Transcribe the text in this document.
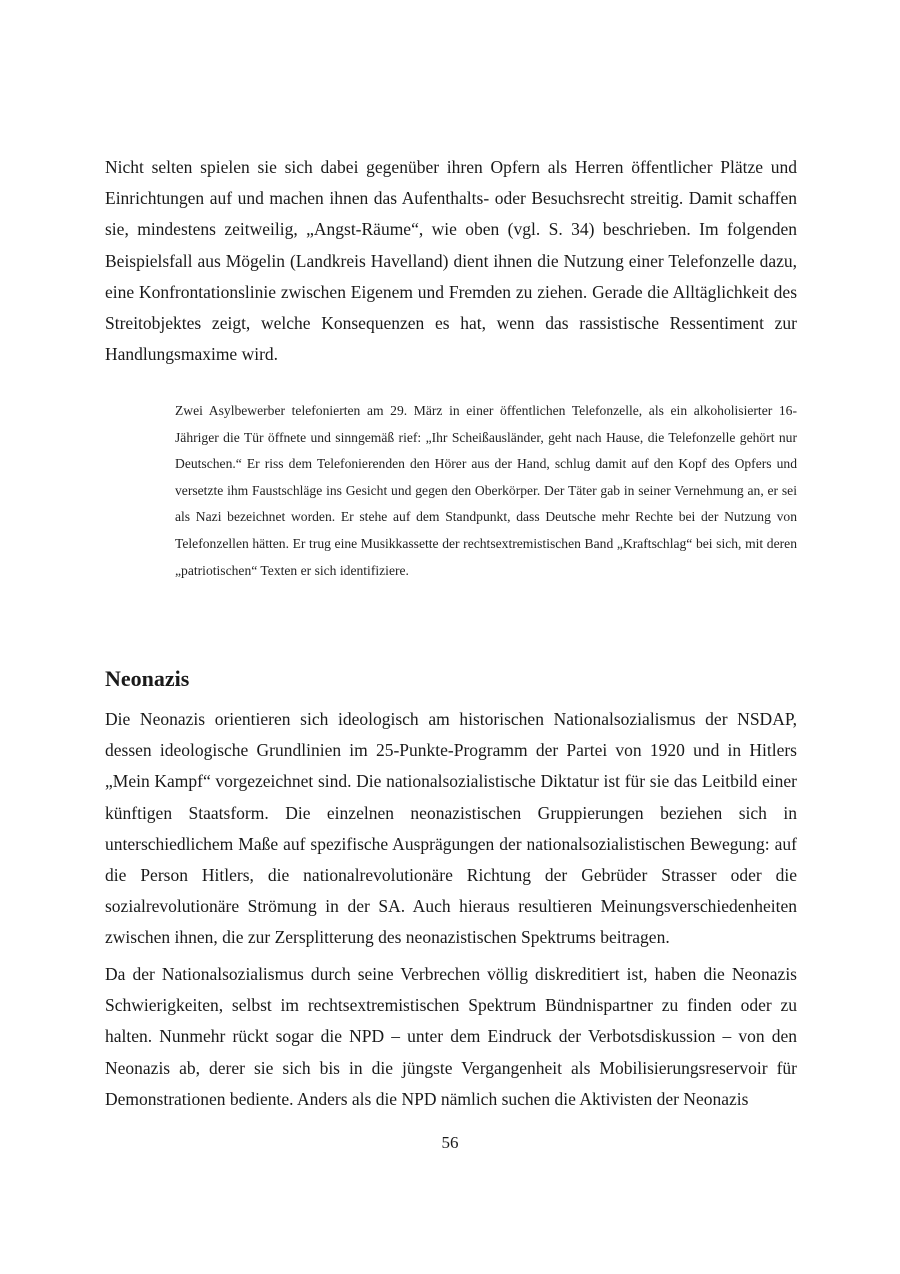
Nicht selten spielen sie sich dabei gegenüber ihren Opfern als Herren öffentlicher Plätze und Einrichtungen auf und machen ihnen das Aufenthalts- oder Besuchsrecht streitig. Damit schaffen sie, mindestens zeitweilig, „Angst-Räume“, wie oben (vgl. S. 34) beschrieben. Im folgenden Beispielsfall aus Mögelin (Landkreis Havelland) dient ihnen die Nutzung einer Telefonzelle dazu, eine Konfrontationslinie zwischen Eigenem und Fremden zu ziehen. Gerade die Alltäglichkeit des Streitobjektes zeigt, welche Konsequenzen es hat, wenn das rassistische Ressentiment zur Handlungsmaxime wird.

Zwei Asylbewerber telefonierten am 29. März in einer öffentlichen Telefonzelle, als ein alkoholisierter 16-Jähriger die Tür öffnete und sinngemäß rief: „Ihr Scheißausländer, geht nach Hause, die Telefonzelle gehört nur Deutschen.“ Er riss dem Telefonierenden den Hörer aus der Hand, schlug damit auf den Kopf des Opfers und versetzte ihm Faustschläge ins Gesicht und gegen den Oberkörper. Der Täter gab in seiner Vernehmung an, er sei als Nazi bezeichnet worden. Er stehe auf dem Standpunkt, dass Deutsche mehr Rechte bei der Nutzung von Telefonzellen hätten. Er trug eine Musikkassette der rechtsextremistischen Band „Kraftschlag“ bei sich, mit deren „patriotischen“ Texten er sich identifiziere.

Neonazis

Die Neonazis orientieren sich ideologisch am historischen Nationalsozialismus der NSDAP, dessen ideologische Grundlinien im 25-Punkte-Programm der Partei von 1920 und in Hitlers „Mein Kampf“ vorgezeichnet sind. Die nationalsozialistische Diktatur ist für sie das Leitbild einer künftigen Staatsform. Die einzelnen neonazistischen Gruppierungen beziehen sich in unterschiedlichem Maße auf spezifische Ausprägungen der nationalsozialistischen Bewegung: auf die Person Hitlers, die nationalrevolutionäre Richtung der Gebrüder Strasser oder die sozialrevolutionäre Strömung in der SA. Auch hieraus resultieren Meinungsverschiedenheiten zwischen ihnen, die zur Zersplitterung des neonazistischen Spektrums beitragen.

Da der Nationalsozialismus durch seine Verbrechen völlig diskreditiert ist, haben die Neonazis Schwierigkeiten, selbst im rechtsextremistischen Spektrum Bündnispartner zu finden oder zu halten. Nunmehr rückt sogar die NPD – unter dem Eindruck der Verbotsdiskussion – von den Neonazis ab, derer sie sich bis in die jüngste Vergangenheit als Mobilisierungsreservoir für Demonstrationen bediente. Anders als die NPD nämlich suchen die Aktivisten der Neonazis

56
